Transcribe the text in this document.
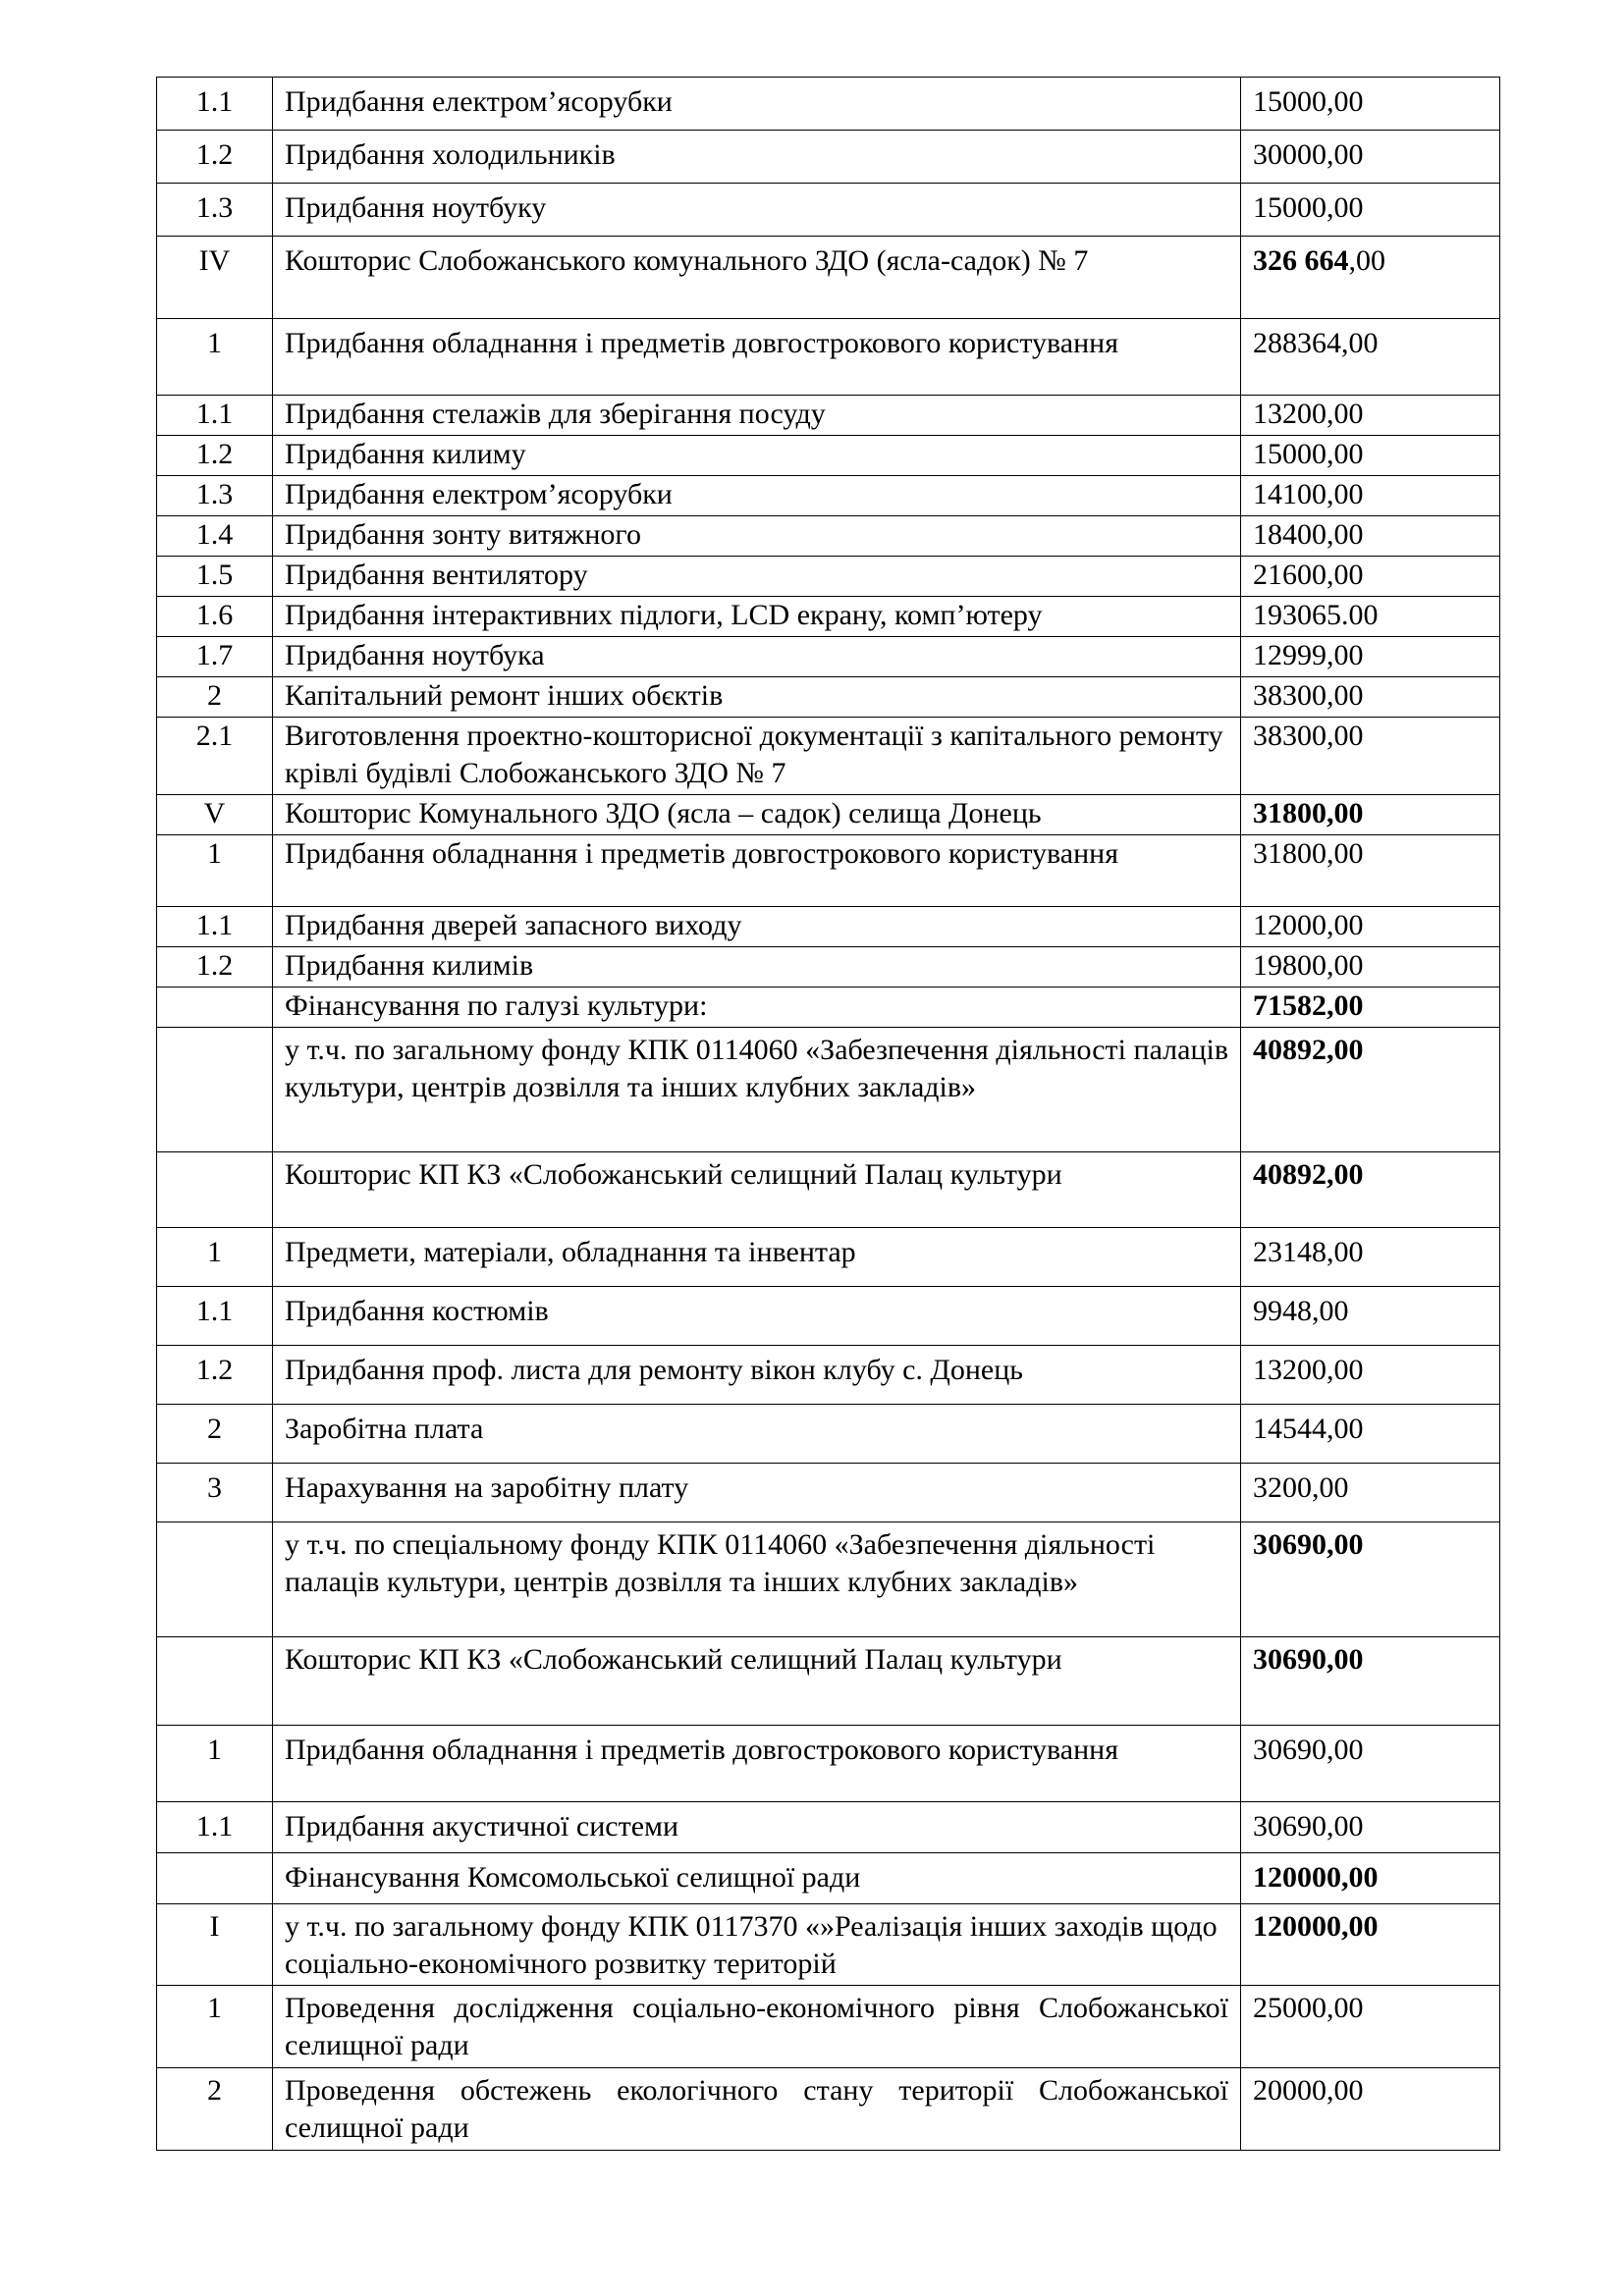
1.1	Придбання електром’ясорубки	15000,00
1.2	Придбання холодильників	30000,00
1.3	Придбання ноутбуку	15000,00
IV	Кошторис Слобожанського комунального ЗДО (ясла-садок) № 7	326 664,00
1	Придбання обладнання і предметів довгострокового користування	288364,00
1.1	Придбання стелажів для зберігання посуду	13200,00
1.2	Придбання килиму	15000,00
1.3	Придбання електром’ясорубки	14100,00
1.4	Придбання зонту витяжного	18400,00
1.5	Придбання вентилятору	21600,00
1.6	Придбання інтерактивних підлоги, LCD екрану, комп’ютеру	193065.00
1.7	Придбання ноутбука	12999,00
2	Капітальний ремонт інших обєктів	38300,00
2.1	Виготовлення проектно-кошторисної документації з капітального ремонту крівлі будівлі Слобожанського ЗДО № 7	38300,00
V	Кошторис Комунального ЗДО (ясла – садок) селища Донець	31800,00
1	Придбання обладнання і предметів довгострокового користування	31800,00
1.1	Придбання дверей запасного виходу	12000,00
1.2	Придбання килимів	19800,00
	Фінансування по галузі культури:	71582,00
	у т.ч. по загальному фонду КПК 0114060 «Забезпечення діяльності палаців культури, центрів дозвілля та інших клубних закладів»	40892,00
	Кошторис КП КЗ «Слобожанський селищний Палац культури	40892,00
1	Предмети, матеріали, обладнання та інвентар	23148,00
1.1	Придбання костюмів	9948,00
1.2	Придбання проф. листа для ремонту вікон клубу с. Донець	13200,00
2	Заробітна плата	14544,00
3	Нарахування на заробітну плату	3200,00
	у т.ч. по спеціальному фонду КПК 0114060 «Забезпечення діяльності палаців культури, центрів дозвілля та інших клубних закладів»	30690,00
	Кошторис КП КЗ «Слобожанський селищний Палац культури	30690,00
1	Придбання обладнання і предметів довгострокового користування	30690,00
1.1	Придбання акустичної системи	30690,00
	Фінансування Комсомольської селищної ради	120000,00
I	у т.ч. по загальному фонду КПК 0117370 «»Реалізація інших заходів щодо соціально-економічного розвитку територій	120000,00
1	Проведення дослідження соціально-економічного рівня Слобожанської селищної ради	25000,00
2	Проведення обстежень екологічного стану території Слобожанської селищної ради	20000,00
